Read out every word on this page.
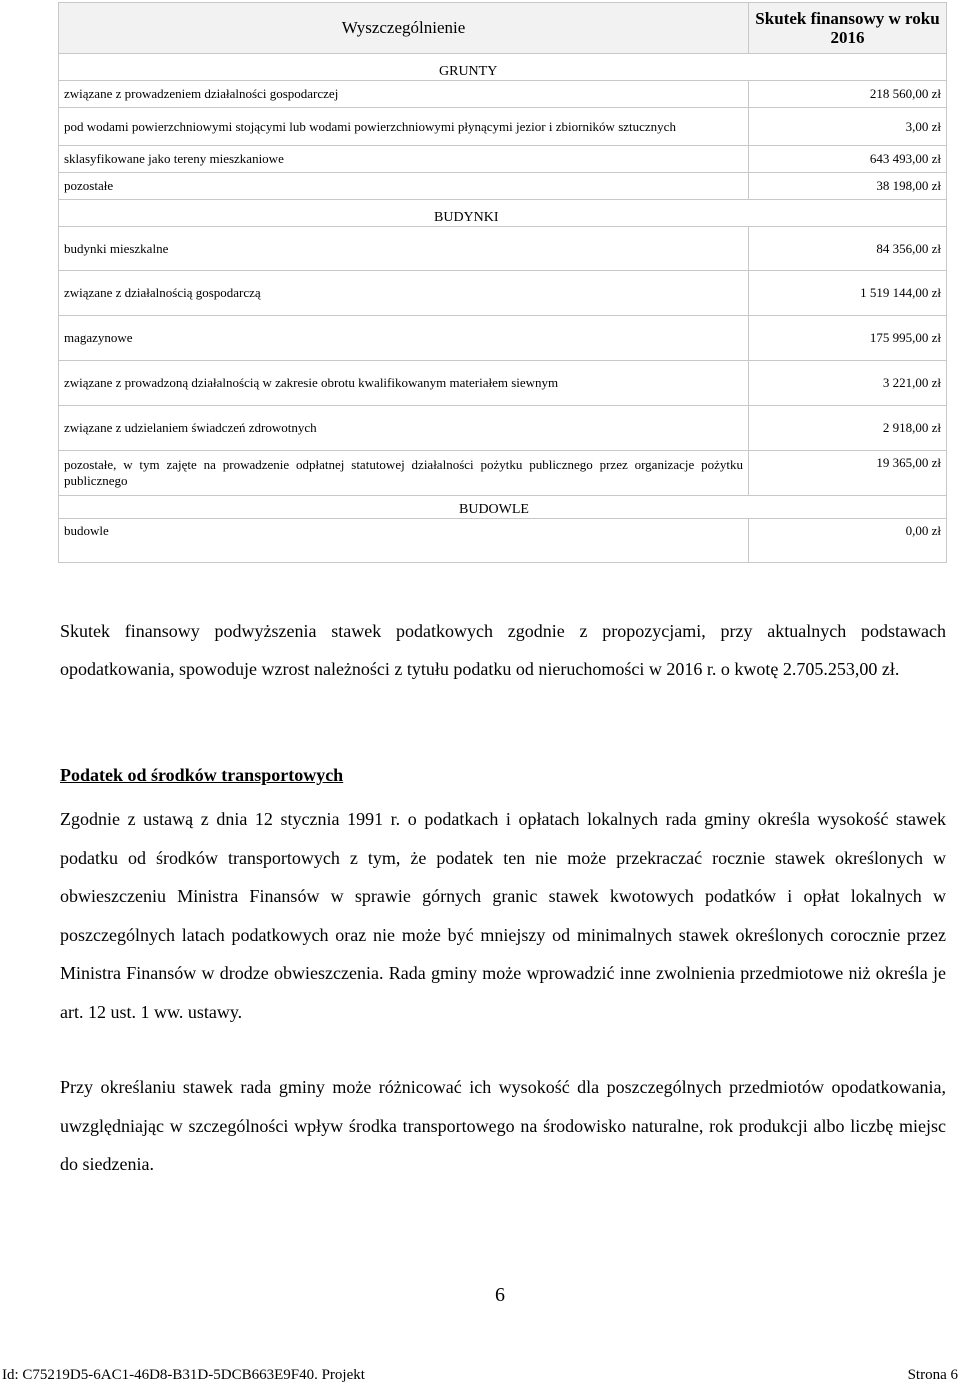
Wyszczególnienie	Skutek finansowy w roku 2016
GRUNTY	
związane z prowadzeniem działalności gospodarczej	218 560,00 zł
pod wodami powierzchniowymi stojącymi lub wodami powierzchniowymi płynącymi jezior i zbiorników sztucznych	3,00 zł
sklasyfikowane jako tereny mieszkaniowe	643 493,00 zł
pozostałe	38 198,00 zł
BUDYNKI	
budynki mieszkalne	84 356,00 zł
związane z działalnością gospodarczą	1 519 144,00 zł
magazynowe	175 995,00 zł
związane z prowadzoną działalnością w zakresie obrotu kwalifikowanym materiałem siewnym	3 221,00 zł
związane z udzielaniem świadczeń zdrowotnych	2 918,00 zł
pozostałe, w tym zajęte na prowadzenie odpłatnej statutowej działalności pożytku publicznego przez organizacje pożytku publicznego	19 365,00 zł
BUDOWLE	
budowle	0,00 zł

Skutek finansowy podwyższenia stawek podatkowych zgodnie z propozycjami, przy aktualnych podstawach opodatkowania, spowoduje wzrost należności z tytułu podatku od nieruchomości w 2016 r. o kwotę 2.705.253,00 zł.

Podatek od środków transportowych

Zgodnie z ustawą z dnia 12 stycznia 1991 r. o podatkach i opłatach lokalnych rada gminy określa wysokość stawek podatku od środków transportowych z tym, że podatek ten nie może przekraczać rocznie stawek określonych w obwieszczeniu Ministra Finansów w sprawie górnych granic stawek kwotowych podatków i opłat lokalnych w poszczególnych latach podatkowych oraz nie może być mniejszy od minimalnych stawek określonych corocznie przez Ministra Finansów w drodze obwieszczenia. Rada gminy może wprowadzić inne zwolnienia przedmiotowe niż określa je art. 12 ust. 1 ww. ustawy.

Przy określaniu stawek rada gminy może różnicować ich wysokość dla poszczególnych przedmiotów opodatkowania, uwzględniając w szczególności wpływ środka transportowego na środowisko naturalne, rok produkcji albo liczbę miejsc do siedzenia.

6
Id: C75219D5-6AC1-46D8-B31D-5DCB663E9F40. Projekt	Strona 6
